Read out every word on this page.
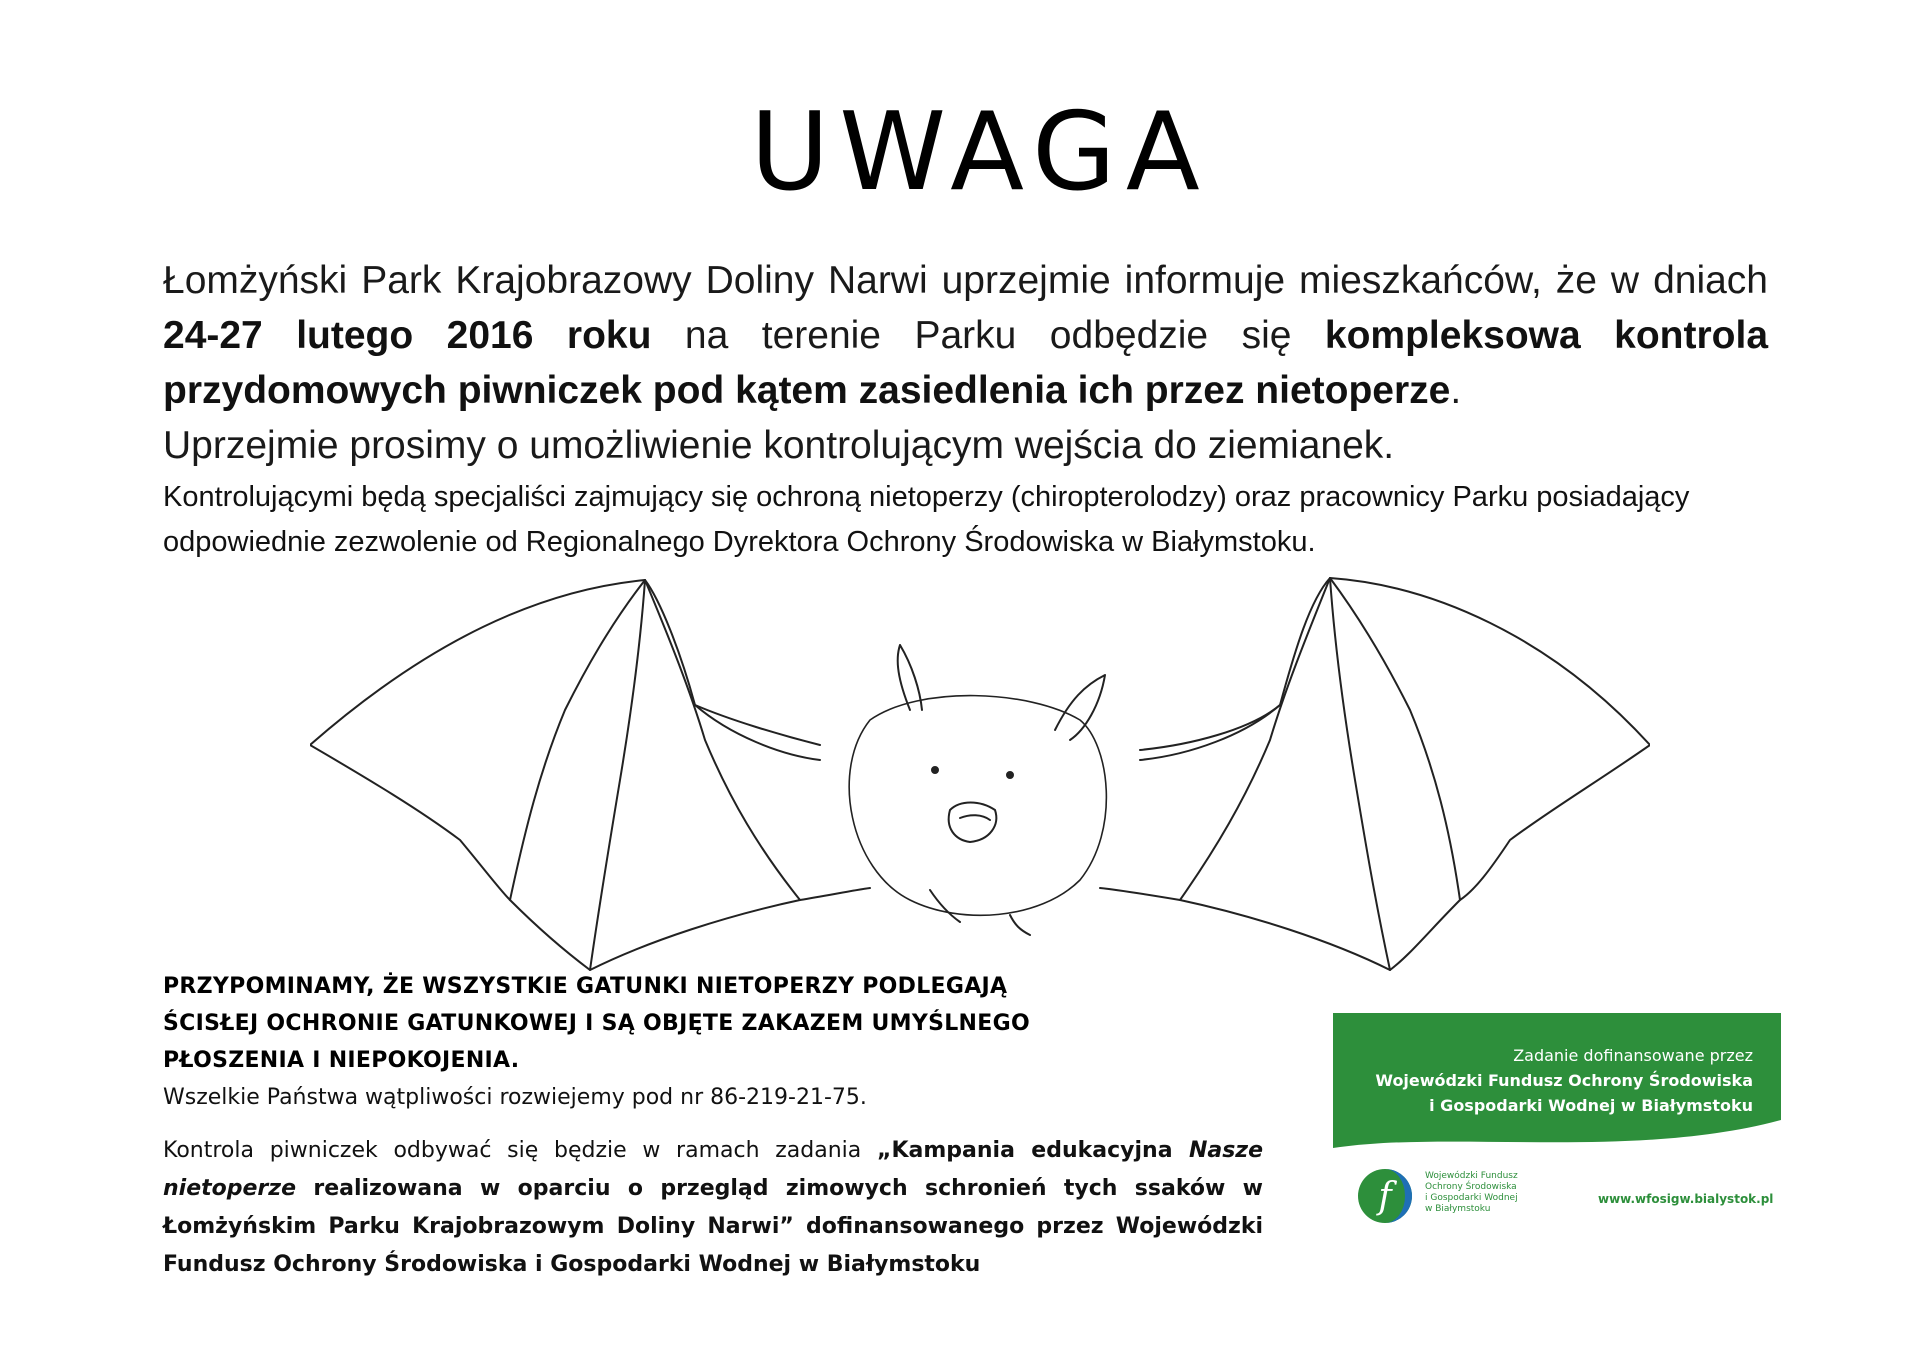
UWAGA

Łomżyński Park Krajobrazowy Doliny Narwi uprzejmie informuje mieszkańców, że w dniach 24-27 lutego 2016 roku na terenie Parku odbędzie się kompleksowa kontrola przydomowych piwniczek pod kątem zasiedlenia ich przez nietoperze.

Uprzejmie prosimy o umożliwienie kontrolującym wejścia do ziemianek.

Kontrolującymi będą specjaliści zajmujący się ochroną nietoperzy (chiropterolodzy) oraz pracownicy Parku posiadający odpowiednie zezwolenie od Regionalnego Dyrektora Ochrony Środowiska w Białymstoku.

PRZYPOMINAMY, ŻE WSZYSTKIE GATUNKI NIETOPERZY PODLEGAJĄ
ŚCISŁEJ OCHRONIE GATUNKOWEJ I SĄ OBJĘTE ZAKAZEM UMYŚLNEGO
PŁOSZENIA I NIEPOKOJENIA.

Wszelkie Państwa wątpliwości rozwiejemy pod nr 86-219-21-75.

Kontrola piwniczek odbywać się będzie w ramach zadania „Kampania edukacyjna Nasze nietoperze realizowana w oparciu o przegląd zimowych schronień tych ssaków w Łomżyńskim Parku Krajobrazowym Doliny Narwi” dofinansowanego przez Wojewódzki Fundusz Ochrony Środowiska i Gospodarki Wodnej w Białymstoku

Zadanie dofinansowane przez
Wojewódzki Fundusz Ochrony Środowiska
i Gospodarki Wodnej w Białymstoku
f	Wojewódzki Fundusz
Ochrony Środowiska
i Gospodarki Wodnej
w Białymstoku
www.wfosigw.bialystok.pl
